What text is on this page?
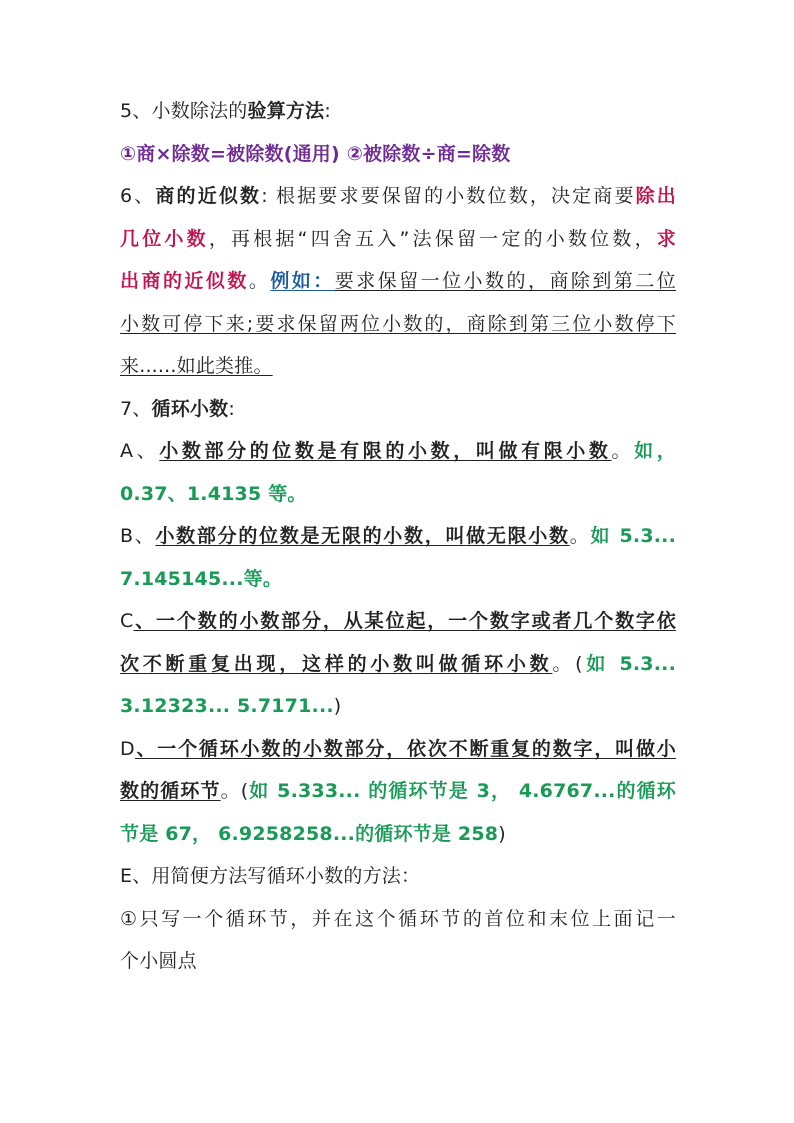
5、小数除法的验算方法:
①商×除数=被除数(通用) ②被除数÷商=除数
6、商的近似数: 根据要求要保留的小数位数，决定商要除出
几位小数，再根据“四舍五入”法保留一定的小数位数，求
出商的近似数。例如：要求保留一位小数的，商除到第二位
小数可停下来;要求保留两位小数的，商除到第三位小数停下
来......如此类推。
7、循环小数:
A、小数部分的位数是有限的小数，叫做有限小数。如，
0.37、1.4135 等。
B、小数部分的位数是无限的小数，叫做无限小数。如 5.3...
7.145145...等。
C、一个数的小数部分，从某位起，一个数字或者几个数字依
次不断重复出现，这样的小数叫做循环小数。(如 5.3...
3.12323... 5.7171...)
D、一个循环小数的小数部分，依次不断重复的数字，叫做小
数的循环节。(如 5.333... 的循环节是 3， 4.6767...的循环
节是 67， 6.9258258...的循环节是 258)
E、用简便方法写循环小数的方法：
①只写一个循环节，并在这个循环节的首位和末位上面记一
个小圆点
